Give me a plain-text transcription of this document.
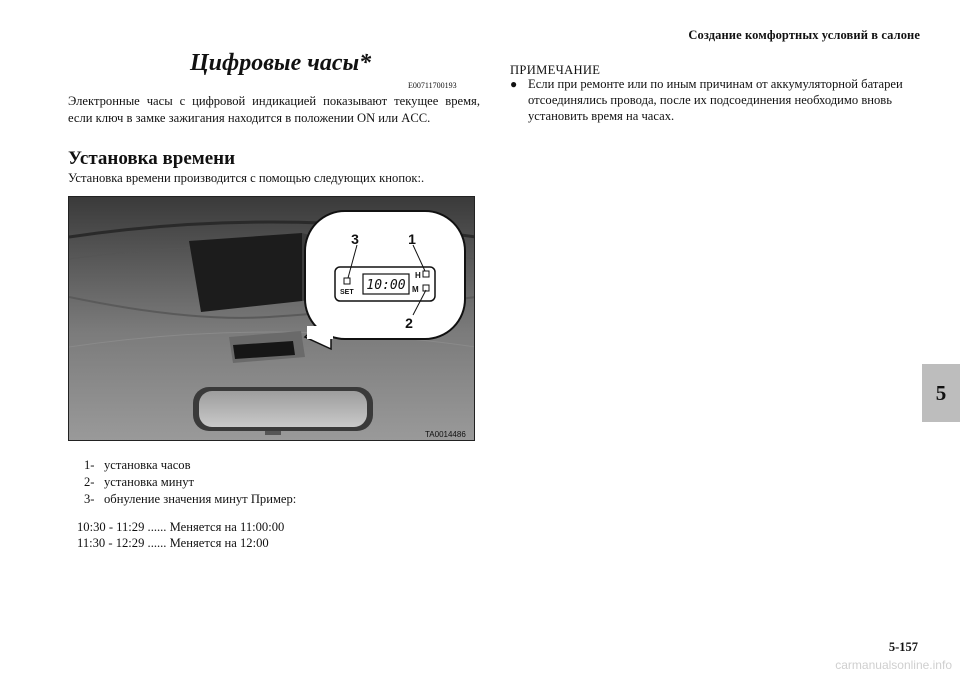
Создание комфортных условий в салоне
5
Цифровые часы*
E00711700193
Электронные часы с цифровой индикацией показывают текущее время, если ключ в замке зажигания находится в положении ON или ACC.
Установка времени
Установка времени производится с помощью следующих кнопок:.
10:00
SET
H
M
3	1
2
TA0014486
1- установка часов
2- установка минут
3- обнуление значения минут Пример:
10:30 - 11:29 ...... Меняется на 11:00:00
11:30 - 12:29 ...... Меняется на 12:00
ПРИМЕЧАНИЕ
● Если при ремонте или по иным причинам от аккумуляторной батареи отсоединялись провода, после их подсоединения необходимо вновь установить время на часах.
5-157
carmanualsonline.info
